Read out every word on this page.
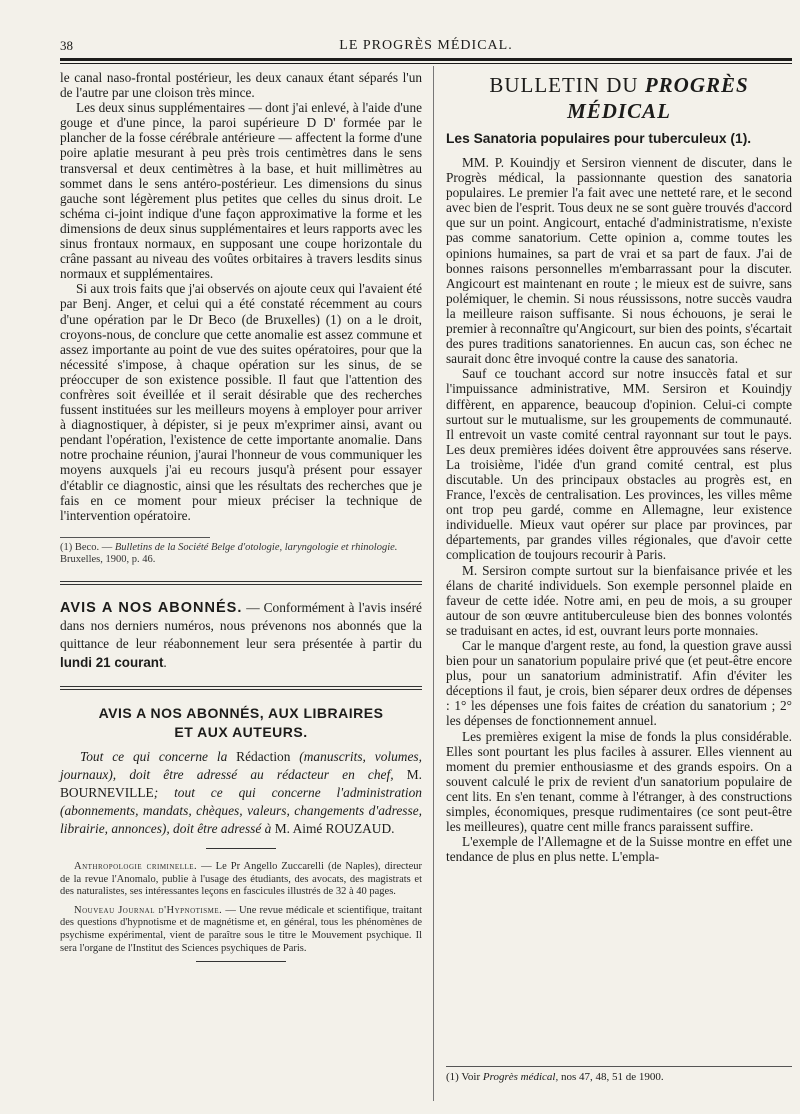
38	LE PROGRÈS MÉDICAL.

le canal naso-frontal postérieur, les deux canaux étant séparés l'un de l'autre par une cloison très mince.

Les deux sinus supplémentaires — dont j'ai enlevé, à l'aide d'une gouge et d'une pince, la paroi supérieure D D' formée par le plancher de la fosse cérébrale antérieure — affectent la forme d'une poire aplatie mesurant à peu près trois centimètres dans le sens transversal et deux centimètres à la base, et huit millimètres au sommet dans le sens antéro-postérieur. Les dimensions du sinus gauche sont légèrement plus petites que celles du sinus droit. Le schéma ci-joint indique d'une façon approximative la forme et les dimensions de deux sinus supplémentaires et leurs rapports avec les sinus frontaux normaux, en supposant une coupe horizontale du crâne passant au niveau des voûtes orbitaires à travers lesdits sinus normaux et supplémentaires.

Si aux trois faits que j'ai observés on ajoute ceux qui l'avaient été par Benj. Anger, et celui qui a été constaté récemment au cours d'une opération par le Dr Beco (de Bruxelles) (1) on a le droit, croyons-nous, de conclure que cette anomalie est assez commune et assez importante au point de vue des suites opératoires, pour que la nécessité s'impose, à chaque opération sur les sinus, de se préoccuper de son existence possible. Il faut que l'attention des confrères soit éveillée et il serait désirable que des recherches fussent instituées sur les meilleurs moyens à employer pour arriver à diagnostiquer, à dépister, si je peux m'exprimer ainsi, avant ou pendant l'opération, l'existence de cette importante anomalie. Dans notre prochaine réunion, j'aurai l'honneur de vous communiquer les moyens auxquels j'ai eu recours jusqu'à présent pour essayer d'établir ce diagnostic, ainsi que les résultats des recherches que je fais en ce moment pour mieux préciser la technique de l'intervention opératoire.

(1) Beco. — Bulletins de la Société Belge d'otologie, laryngologie et rhinologie. Bruxelles, 1900, p. 46.
AVIS A NOS ABONNÉS. — Conformément à l'avis inséré dans nos derniers numéros, nous prévenons nos abonnés que la quittance de leur réabonnement leur sera présentée à partir du lundi 21 courant.
AVIS A NOS ABONNÉS, AUX LIBRAIRES
ET AUX AUTEURS.
Tout ce qui concerne la Rédaction (manuscrits, volumes, journaux), doit être adressé au rédacteur en chef, M. BOURNEVILLE; tout ce qui concerne l'administration (abonnements, mandats, chèques, valeurs, changements d'adresse, librairie, annonces), doit être adressé à M. Aimé ROUZAUD.
Anthropologie criminelle. — Le Pr Angello Zuccarelli (de Naples), directeur de la revue l'Anomalo, publie à l'usage des étudiants, des avocats, des magistrats et des naturalistes, ses intéressantes leçons en fascicules illustrés de 32 à 40 pages.
Nouveau Journal d'Hypnotisme. — Une revue médicale et scientifique, traitant des questions d'hypnotisme et de magnétisme et, en général, tous les phénomènes de psychisme expérimental, vient de paraître sous le titre le Mouvement psychique. Il sera l'organe de l'Institut des Sciences psychiques de Paris.
BULLETIN DU PROGRÈS MÉDICAL
Les Sanatoria populaires pour tuberculeux (1).

MM. P. Kouindjy et Sersiron viennent de discuter, dans le Progrès médical, la passionnante question des sanatoria populaires. Le premier l'a fait avec une netteté rare, et le second avec bien de l'esprit. Tous deux ne se sont guère trouvés d'accord que sur un point. Angicourt, entaché d'administratisme, n'existe pas comme sanatorium. Cette opinion a, comme toutes les opinions humaines, sa part de vrai et sa part de faux. J'ai de bonnes raisons personnelles m'embarrassant pour la discuter. Angicourt est maintenant en route ; le mieux est de suivre, sans polémiquer, le chemin. Si nous réussissons, notre succès vaudra la meilleure raison suffisante. Si nous échouons, je serai le premier à reconnaître qu'Angicourt, sur bien des points, s'écartait des pures traditions sanatoriennes. En aucun cas, son échec ne saurait donc être invoqué contre la cause des sanatoria.

Sauf ce touchant accord sur notre insuccès fatal et sur l'impuissance administrative, MM. Sersiron et Kouindjy diffèrent, en apparence, beaucoup d'opinion. Celui-ci compte surtout sur le mutualisme, sur les groupements de communauté. Il entrevoit un vaste comité central rayonnant sur tout le pays. Les deux premières idées doivent être approuvées sans réserve. La troisième, l'idée d'un grand comité central, est plus discutable. Un des principaux obstacles au progrès est, en France, l'excès de centralisation. Les provinces, les villes même ont trop peu gardé, comme en Allemagne, leur existence individuelle. Mieux vaut opérer sur place par provinces, par départements, par grandes villes régionales, que d'avoir cette complication de toujours recourir à Paris.

M. Sersiron compte surtout sur la bienfaisance privée et les élans de charité individuels. Son exemple personnel plaide en faveur de cette idée. Notre ami, en peu de mois, a su grouper autour de son œuvre antituberculeuse bien des bonnes volontés se traduisant en actes, id est, ouvrant leurs porte monnaies.

Car le manque d'argent reste, au fond, la question grave aussi bien pour un sanatorium populaire privé que (et peut-être encore plus, pour un sanatorium administratif. Afin d'éviter les déceptions il faut, je crois, bien séparer deux ordres de dépenses : 1° les dépenses une fois faites de création du sanatorium ; 2° les dépenses de fonctionnement annuel.

Les premières exigent la mise de fonds la plus considérable. Elles sont pourtant les plus faciles à assurer. Elles viennent au moment du premier enthousiasme et des grands espoirs. On a souvent calculé le prix de revient d'un sanatorium populaire de cent lits. En s'en tenant, comme à l'étranger, à des constructions simples, économiques, presque rudimentaires (ce sont peut-être les meilleures), quatre cent mille francs paraissent suffire.

L'exemple de l'Allemagne et de la Suisse montre en effet une tendance de plus en plus nette. L'empla-

(1) Voir Progrès médical, nos 47, 48, 51 de 1900.
